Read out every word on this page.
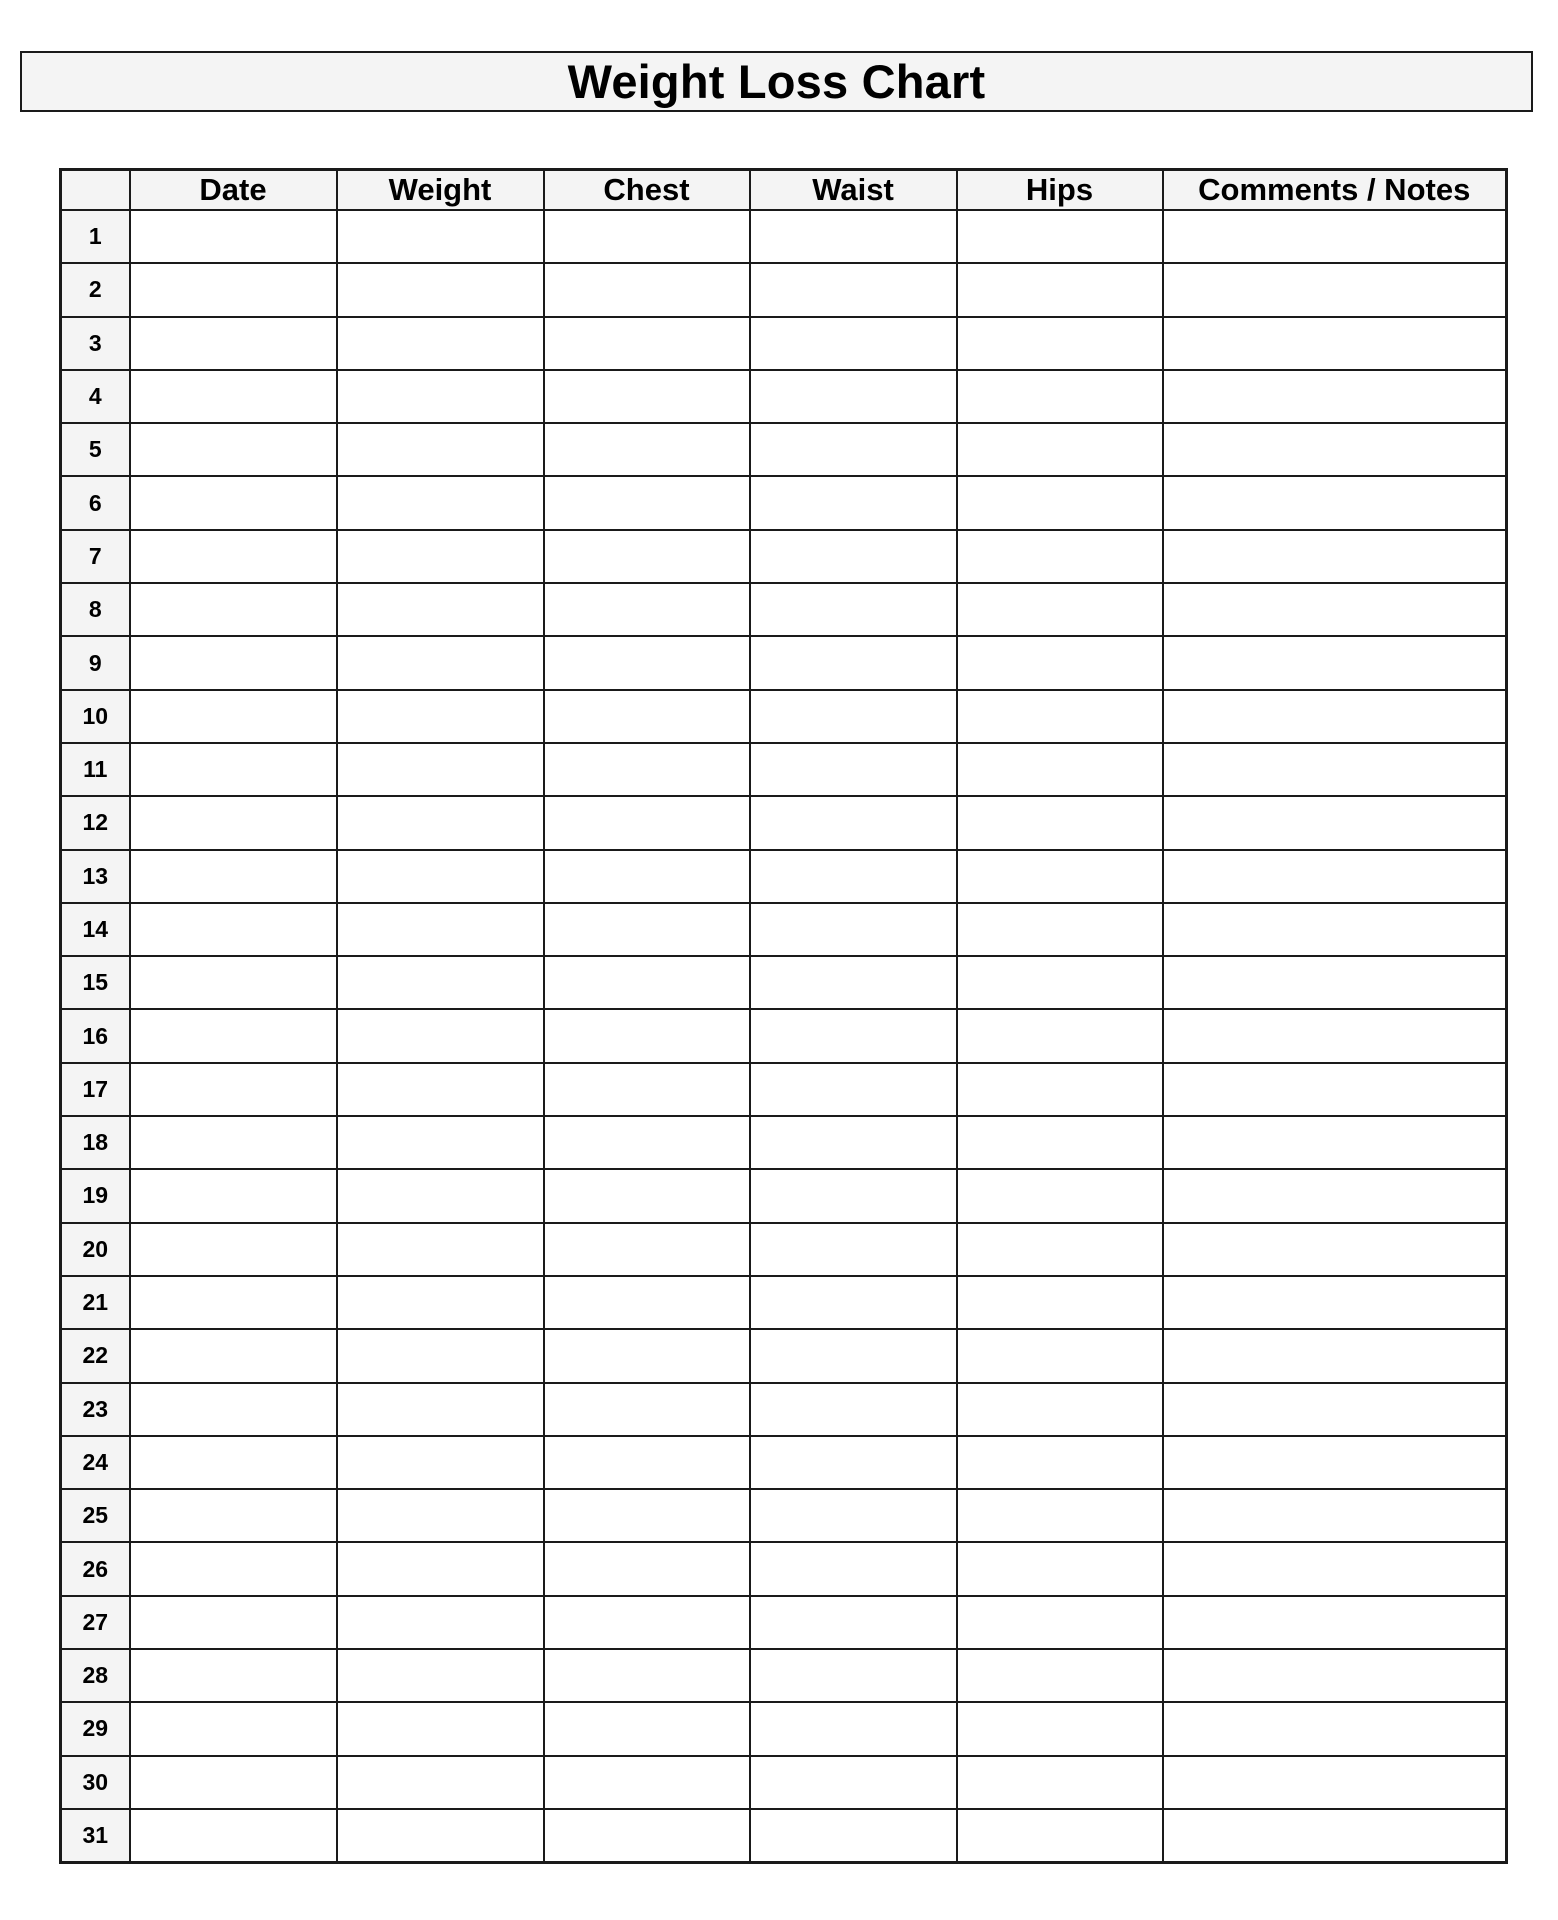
Weight Loss Chart
	Date	Weight	Chest	Waist	Hips	Comments / Notes
1						
2						
3						
4						
5						
6						
7						
8						
9						
10						
11						
12						
13						
14						
15						
16						
17						
18						
19						
20						
21						
22						
23						
24						
25						
26						
27						
28						
29						
30						
31						
